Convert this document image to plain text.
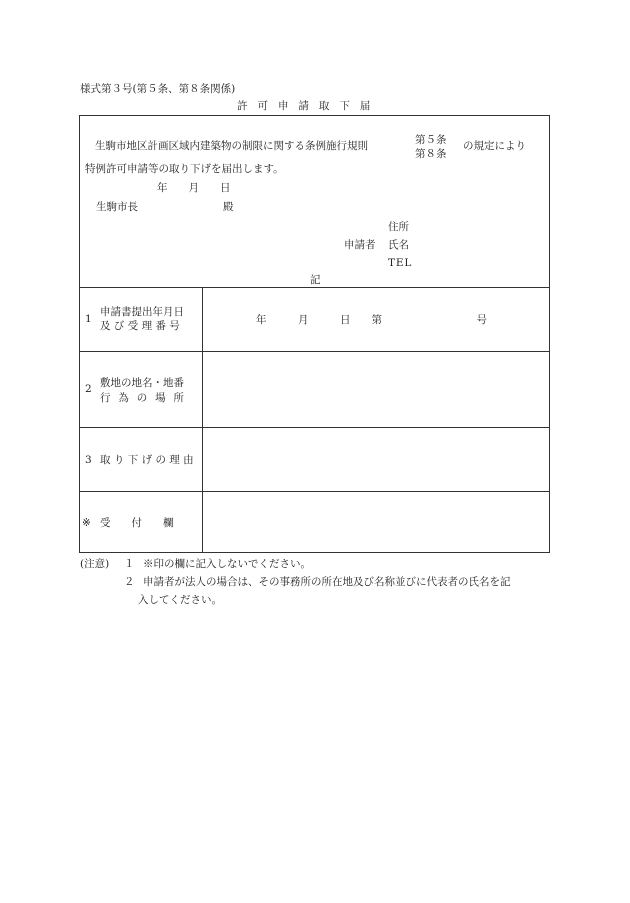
様式第３号(第５条、第８条関係)
許可申請取下届
生駒市地区計画区域内建築物の制限に関する条例施行規則	第５条
第８条
の規定により
特例許可申請等の取り下げを届出します。
年　　月　　日
生駒市長	殿
住所
申請者 氏名
TEL
記
1
申請書提出年月日
及び受理番号	年　　　月　　　日　　第　　　　　　　　　号
2 敷地の地名・地番
行為の場所
3 取り下げの理由
※ 受　　付　　欄
(注意) １ ※印の欄に記入しないでください。
２ 申請者が法人の場合は、その事務所の所在地及び名称並びに代表者の氏名を記
入してください。
